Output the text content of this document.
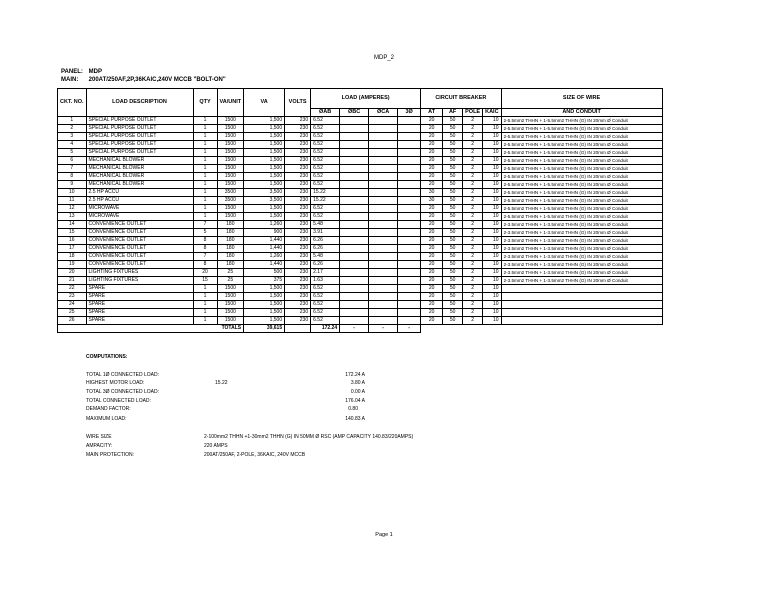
MDP_2
PANEL: MDP
MAIN: 200AT/250AF,2P,36KAIC,240V MCCB "BOLT-ON"
CKT. NO.	LOAD DESCRIPTION	QTY	VA/UNIT	VA	VOLTS	LOAD (AMPERES)				CIRCUIT BREAKER				SIZE OF WIRE
						ØAB	ØBC	ØCA	3Ø	AT	AF	POLE	KAIC	AND CONDUIT
1	SPECIAL PURPOSE OUTLET	1	1500	1,500	230	6.52				20	50	2	10	2-5.5mm2 THHN + 1-5.5mm2 THHN (G) IN 20mm Ø Conduit
2	SPECIAL PURPOSE OUTLET	1	1500	1,500	230	6.52				20	50	2	10	2-5.5mm2 THHN + 1-5.5mm2 THHN (G) IN 20mm Ø Conduit
3	SPECIAL PURPOSE OUTLET	1	1500	1,500	230	6.52				20	50	2	10	2-5.5mm2 THHN + 1-5.5mm2 THHN (G) IN 20mm Ø Conduit
4	SPECIAL PURPOSE OUTLET	1	1500	1,500	230	6.52				20	50	2	10	2-5.5mm2 THHN + 1-5.5mm2 THHN (G) IN 20mm Ø Conduit
5	SPECIAL PURPOSE OUTLET	1	1500	1,500	230	6.52				20	50	2	10	2-5.5mm2 THHN + 1-5.5mm2 THHN (G) IN 20mm Ø Conduit
6	MECHANICAL BLOWER	1	1500	1,500	230	6.52				20	50	2	10	2-5.5mm2 THHN + 1-5.5mm2 THHN (G) IN 20mm Ø Conduit
7	MECHANICAL BLOWER	1	1500	1,500	230	6.52				20	50	2	10	2-5.5mm2 THHN + 1-5.5mm2 THHN (G) IN 20mm Ø Conduit
8	MECHANICAL BLOWER	1	1500	1,500	230	6.52				20	50	2	10	2-5.5mm2 THHN + 1-5.5mm2 THHN (G) IN 20mm Ø Conduit
9	MECHANICAL BLOWER	1	1500	1,500	230	6.52				20	50	2	10	2-5.5mm2 THHN + 1-5.5mm2 THHN (G) IN 20mm Ø Conduit
10	2.5 HP ACCU	1	3500	3,500	230	15.22				30	50	2	10	2-5.5mm2 THHN + 1-5.5mm2 THHN (G) IN 20mm Ø Conduit
11	2.5 HP ACCU	1	3500	3,500	230	15.22				30	50	2	10	2-5.5mm2 THHN + 1-5.5mm2 THHN (G) IN 20mm Ø Conduit
12	MICROWAVE	1	1500	1,500	230	6.52				20	50	2	10	2-5.5mm2 THHN + 1-5.5mm2 THHN (G) IN 20mm Ø Conduit
13	MICROWAVE	1	1500	1,500	230	6.52				20	50	2	10	2-5.5mm2 THHN + 1-5.5mm2 THHN (G) IN 20mm Ø Conduit
14	CONVENIENCE OUTLET	7	180	1,260	230	5.48				20	50	2	10	2-3.5mm2 THHN + 1-3.5mm2 THHN (G) IN 20mm Ø Conduit
15	CONVENIENCE OUTLET	5	180	900	230	3.91				20	50	2	10	2-3.5mm2 THHN + 1-3.5mm2 THHN (G) IN 20mm Ø Conduit
16	CONVENIENCE OUTLET	8	180	1,440	230	6.26				20	50	2	10	2-3.5mm2 THHN + 1-3.5mm2 THHN (G) IN 20mm Ø Conduit
17	CONVENIENCE OUTLET	8	180	1,440	230	6.26				20	50	2	10	2-3.5mm2 THHN + 1-3.5mm2 THHN (G) IN 20mm Ø Conduit
18	CONVENIENCE OUTLET	7	180	1,260	230	5.48				20	50	2	10	2-3.5mm2 THHN + 1-3.5mm2 THHN (G) IN 20mm Ø Conduit
19	CONVENIENCE OUTLET	8	180	1,440	230	6.26				20	50	2	10	2-3.5mm2 THHN + 1-3.5mm2 THHN (G) IN 20mm Ø Conduit
20	LIGHTING FIXTURES	20	25	500	230	2.17				20	50	2	10	2-3.5mm2 THHN + 1-3.5mm2 THHN (G) IN 20mm Ø Conduit
21	LIGHTING FIXTURES	15	25	375	230	1.63				20	50	2	10	2-3.5mm2 THHN + 1-3.5mm2 THHN (G) IN 20mm Ø Conduit
22	SPARE	1	1500	1,500	230	6.52				20	50	2	10	
23	SPARE	1	1500	1,500	230	6.52				20	50	2	10	
24	SPARE	1	1500	1,500	230	6.52				20	50	2	10	
25	SPARE	1	1500	1,500	230	6.52				20	50	2	10	
26	SPARE	1	1500	1,500	230	6.52				20	50	2	10	
TOTALS				39,615		172.24	-	-	-					
COMPUTATIONS:
TOTAL 1Ø CONNECTED LOAD:	172.24 A
HIGHEST MOTOR LOAD:	15.22	3.80 A
TOTAL 3Ø CONNECTED LOAD:	0.00 A
TOTAL CONNECTED LOAD:	176.04 A
DEMAND FACTOR:	0.80
MAXIMUM LOAD:	140.83 A
WIRE SIZE	2-100mm2 THHN +1-30mm2 THHN (G) IN 50MM Ø RSC (AMP CAPACITY 140.83/220AMPS)
AMPACITY:	220 AMPS
MAIN PROTECTION:	200AT/250AF, 2-POLE, 36KAIC, 240V MCCB
Page 1
